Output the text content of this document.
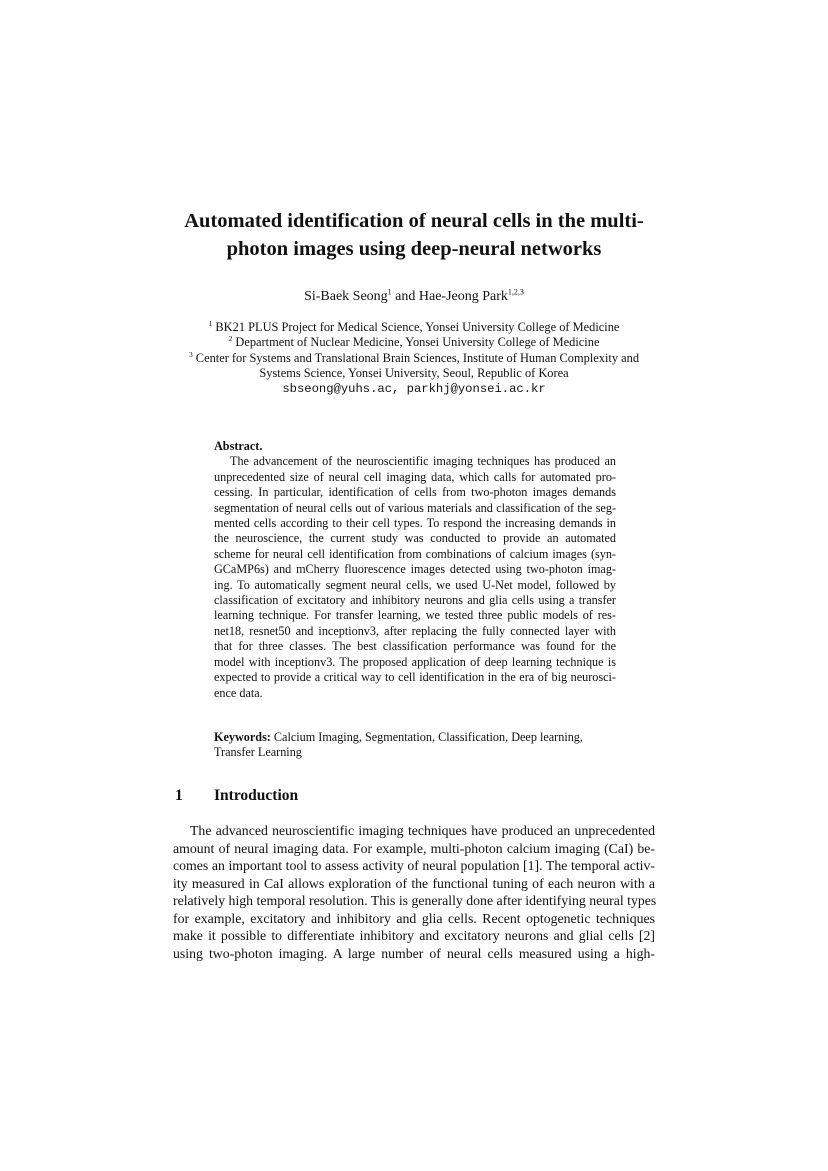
Automated identification of neural cells in the multi-
photon images using deep-neural networks
Si-Baek Seong$^1$ and Hae-Jeong Park$^{1,2,3}$
$^1$ BK21 PLUS Project for Medical Science, Yonsei University College of Medicine
$^2$ Department of Nuclear Medicine, Yonsei University College of Medicine
$^3$ Center for Systems and Translational Brain Sciences, Institute of Human Complexity and
Systems Science, Yonsei University, Seoul, Republic of Korea
sbseong@yuhs.ac, parkhj@yonsei.ac.kr
Abstract.
The advancement of the neuroscientific imaging techniques has produced an
unprecedented size of neural cell imaging data, which calls for automated pro-
cessing. In particular, identification of cells from two-photon images demands
segmentation of neural cells out of various materials and classification of the seg-
mented cells according to their cell types. To respond the increasing demands in
the neuroscience, the current study was conducted to provide an automated
scheme for neural cell identification from combinations of calcium images (syn-
GCaMP6s) and mCherry fluorescence images detected using two-photon imag-
ing. To automatically segment neural cells, we used U-Net model, followed by
classification of excitatory and inhibitory neurons and glia cells using a transfer
learning technique. For transfer learning, we tested three public models of res-
net18, resnet50 and inceptionv3, after replacing the fully connected layer with
that for three classes. The best classification performance was found for the
model with inceptionv3. The proposed application of deep learning technique is
expected to provide a critical way to cell identification in the era of big neurosci-
ence data.
Keywords: Calcium Imaging, Segmentation, Classification, Deep learning,
Transfer Learning
1 Introduction
The advanced neuroscientific imaging techniques have produced an unprecedented
amount of neural imaging data. For example, multi-photon calcium imaging (CaI) be-
comes an important tool to assess activity of neural population [1]. The temporal activ-
ity measured in CaI allows exploration of the functional tuning of each neuron with a
relatively high temporal resolution. This is generally done after identifying neural types
for example, excitatory and inhibitory and glia cells. Recent optogenetic techniques
make it possible to differentiate inhibitory and excitatory neurons and glial cells [2]
using two-photon imaging. A large number of neural cells measured using a high-
